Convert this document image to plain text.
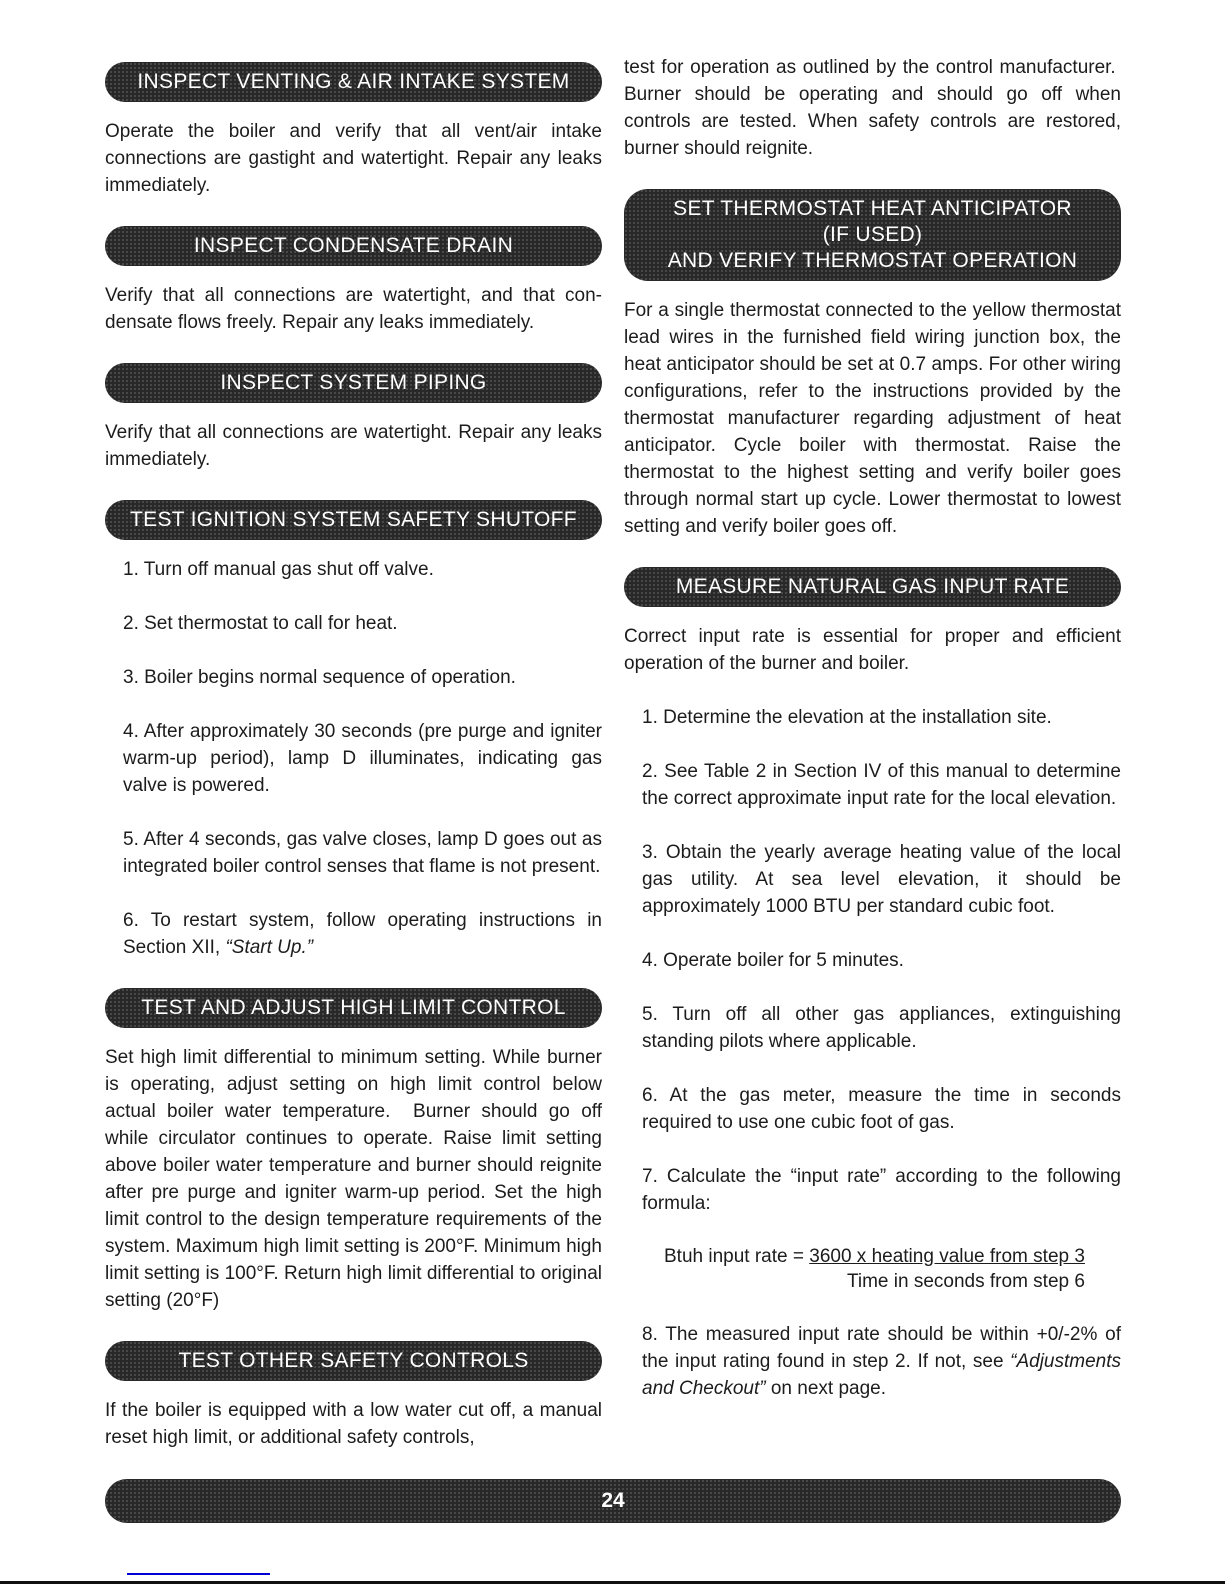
INSPECT VENTING & AIR INTAKE SYSTEM

Operate the boiler and verify that all vent/air intake connections are gastight and watertight. Repair any leaks immediately.

INSPECT CONDENSATE DRAIN

Verify that all connections are watertight, and that condensate flows freely. Repair any leaks immediately.

INSPECT SYSTEM PIPING

Verify that all connections are watertight. Repair any leaks immediately.

TEST IGNITION SYSTEM SAFETY SHUTOFF

1. Turn off manual gas shut off valve.

2. Set thermostat to call for heat.

3. Boiler begins normal sequence of operation.

4. After approximately 30 seconds (pre purge and igniter warm-up period), lamp D illuminates, indicating gas valve is powered.

5. After 4 seconds, gas valve closes, lamp D goes out as integrated boiler control senses that flame is not present.

6. To restart system, follow operating instructions in Section XII, “Start Up.”

TEST AND ADJUST HIGH LIMIT CONTROL

Set high limit differential to minimum setting. While burner is operating, adjust setting on high limit control below actual boiler water temperature.  Burner should go off while circulator continues to operate. Raise limit setting above boiler water temperature and burner should reignite after pre purge and igniter warm-up period. Set the high limit control to the design temperature requirements of the system. Maximum high limit setting is 200°F. Minimum high limit setting is 100°F. Return high limit differential to original setting (20°F)

TEST OTHER SAFETY CONTROLS

If the boiler is equipped with a low water cut off, a manual reset high limit, or additional safety controls,

test for operation as outlined by the control manufacturer.  Burner should be operating and should go off when controls are tested. When safety controls are restored, burner should reignite.

SET THERMOSTAT HEAT ANTICIPATOR
(IF USED)
AND VERIFY THERMOSTAT OPERATION

For a single thermostat connected to the yellow thermostat lead wires in the furnished field wiring junction box, the heat anticipator should be set at 0.7 amps. For other wiring configurations, refer to the instructions provided by the thermostat manufacturer regarding adjustment of heat anticipator. Cycle boiler with thermostat. Raise the thermostat to the highest setting and verify boiler goes through normal start up cycle. Lower thermostat to lowest setting and verify boiler goes off.

MEASURE NATURAL GAS INPUT RATE

Correct input rate is essential for proper and efficient operation of the burner and boiler.

1. Determine the elevation at the installation site.

2. See Table 2 in Section IV of this manual to determine the correct approximate input rate for the local elevation.

3. Obtain the yearly average heating value of the local gas utility. At sea level elevation, it should be approximately 1000 BTU per standard cubic foot.

4. Operate boiler for 5 minutes.

5. Turn off all other gas appliances, extinguishing standing pilots where applicable.

6. At the gas meter, measure the time in seconds required to use one cubic foot of gas.

7. Calculate the “input rate” according to the following formula:

Btuh input rate = $\frac{\text{3600 x heating value from step 3}}{\text{Time in seconds from step 6}}$

8. The measured input rate should be within +0/-​2% of the input rating found in step 2. If not, see “Adjustments and Checkout” on next page.

24
